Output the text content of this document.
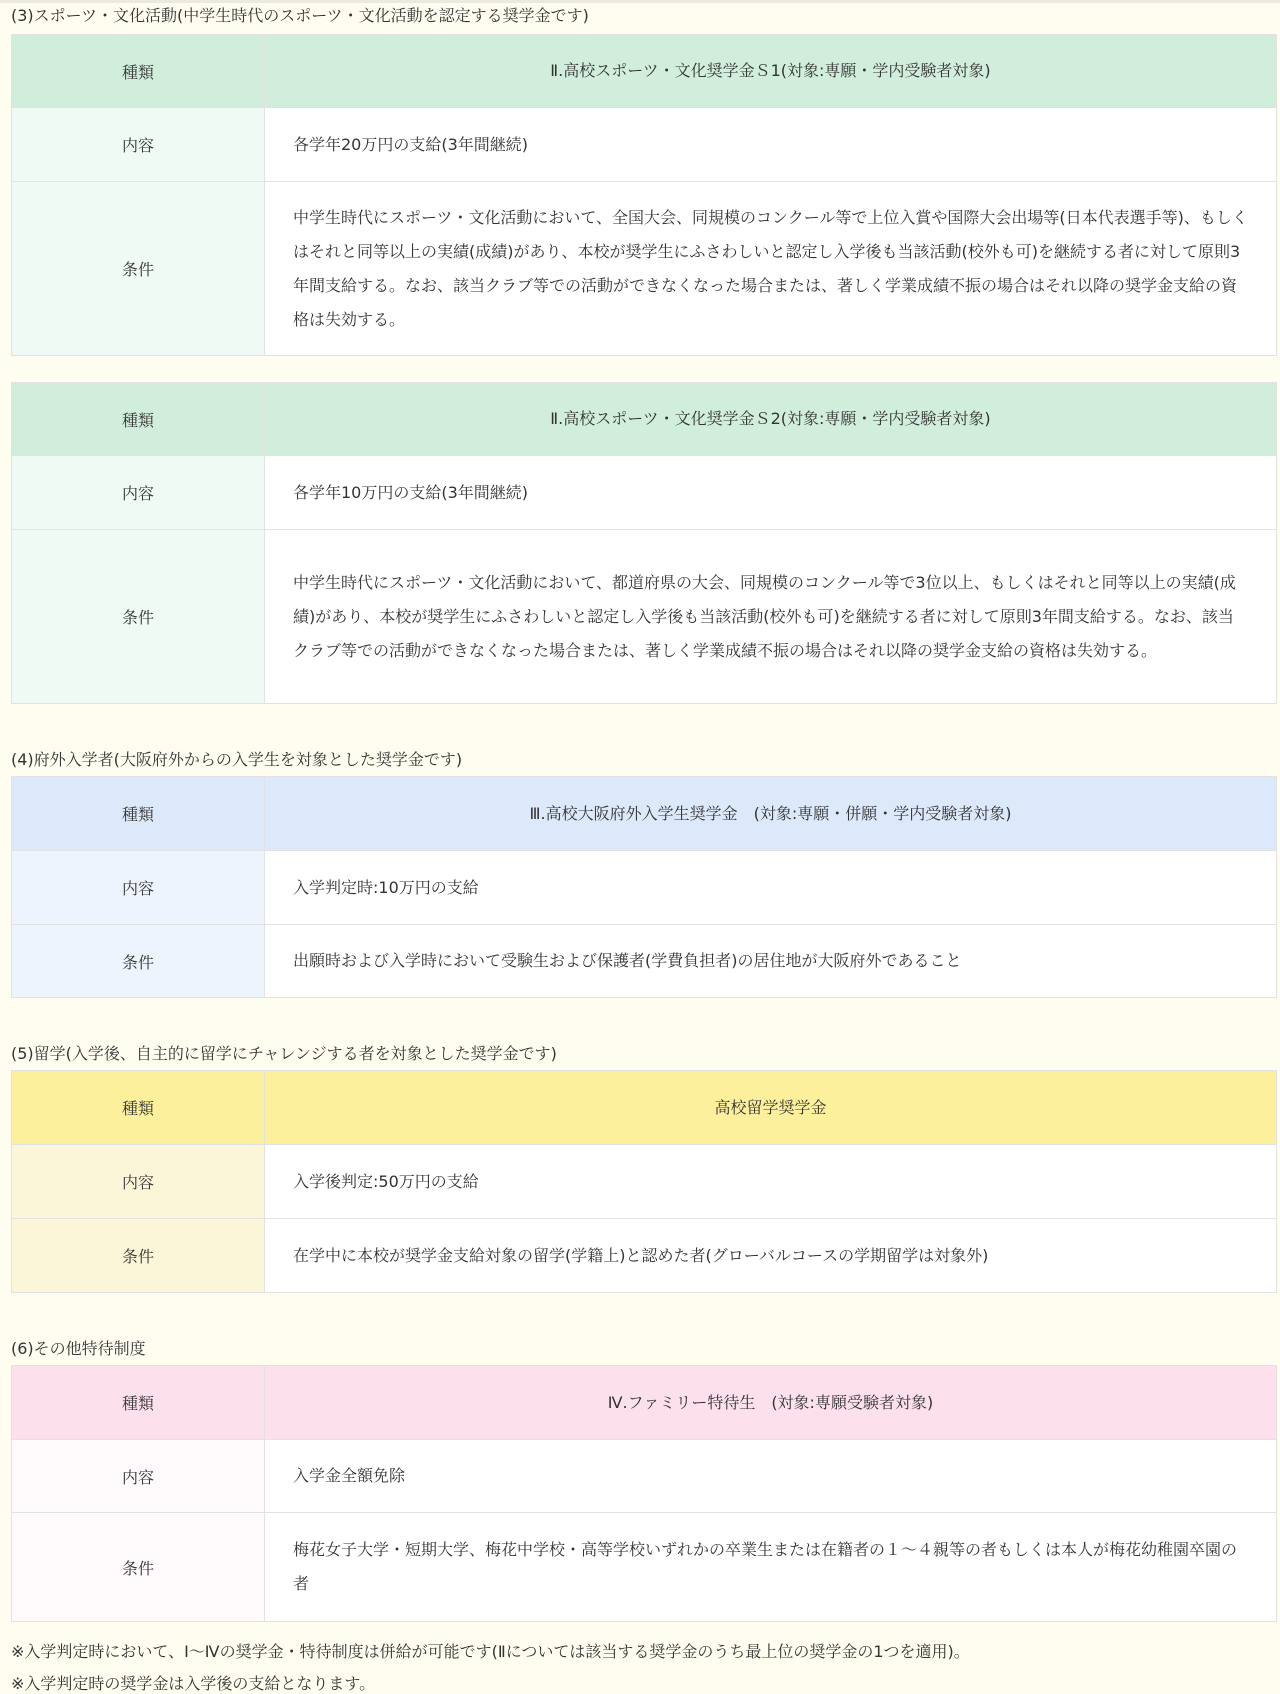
(3)スポーツ・文化活動(中学生時代のスポーツ・文化活動を認定する奨学金です)
種類	Ⅱ.高校スポーツ・文化奨学金Ｓ1(対象:専願・学内受験者対象)
内容	各学年20万円の支給(3年間継続)
条件	中学生時代にスポーツ・文化活動において、全国大会、同規模のコンクール等で上位入賞や国際大会出場等(日本代表選手等)、もしくはそれと同等以上の実績(成績)があり、本校が奨学生にふさわしいと認定し入学後も当該活動(校外も可)を継続する者に対して原則3年間支給する。なお、該当クラブ等での活動ができなくなった場合または、著しく学業成績不振の場合はそれ以降の奨学金支給の資格は失効する。
種類	Ⅱ.高校スポーツ・文化奨学金Ｓ2(対象:専願・学内受験者対象)
内容	各学年10万円の支給(3年間継続)
条件	中学生時代にスポーツ・文化活動において、都道府県の大会、同規模のコンクール等で3位以上、もしくはそれと同等以上の実績(成績)があり、本校が奨学生にふさわしいと認定し入学後も当該活動(校外も可)を継続する者に対して原則3年間支給する。なお、該当クラブ等での活動ができなくなった場合または、著しく学業成績不振の場合はそれ以降の奨学金支給の資格は失効する。
(4)府外入学者(大阪府外からの入学生を対象とした奨学金です)
種類	Ⅲ.高校大阪府外入学生奨学金　(対象:専願・併願・学内受験者対象)
内容	入学判定時:10万円の支給
条件	出願時および入学時において受験生および保護者(学費負担者)の居住地が大阪府外であること
(5)留学(入学後、自主的に留学にチャレンジする者を対象とした奨学金です)
種類	高校留学奨学金
内容	入学後判定:50万円の支給
条件	在学中に本校が奨学金支給対象の留学(学籍上)と認めた者(グローバルコースの学期留学は対象外)
(6)その他特待制度
種類	Ⅳ.ファミリー特待生　(対象:専願受験者対象)
内容	入学金全額免除
条件	梅花女子大学・短期大学、梅花中学校・高等学校いずれかの卒業生または在籍者の１～４親等の者もしくは本人が梅花幼稚園卒園の者
※入学判定時において、Ⅰ～Ⅳの奨学金・特待制度は併給が可能です(Ⅱについては該当する奨学金のうち最上位の奨学金の1つを適用)。
※入学判定時の奨学金は入学後の支給となります。
